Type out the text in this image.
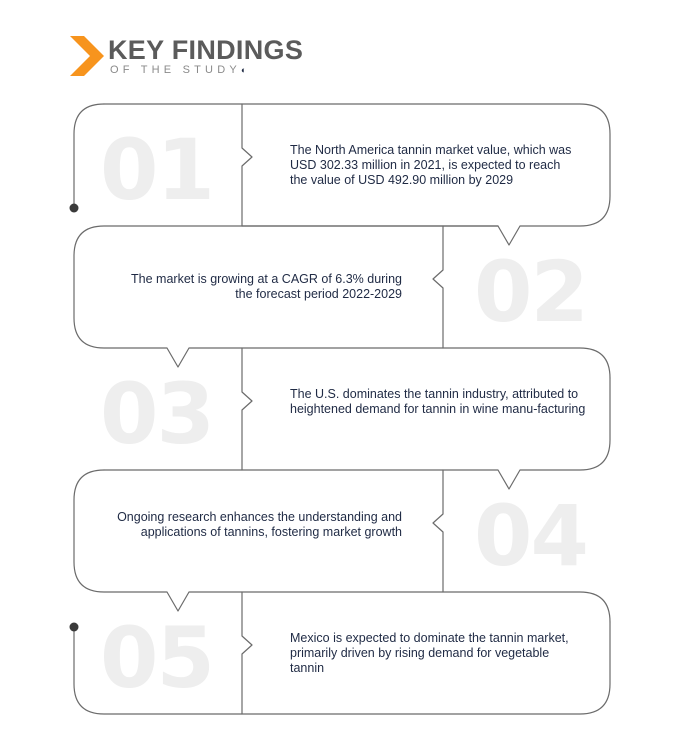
KEY FINDINGS
OF THE STUDY◐
01
02
03
04
05
The North America tannin market value, which was USD 302.33 million in 2021, is expected to reach the value of USD 492.90 million by 2029
The market is growing at a CAGR of 6.3% during the forecast period 2022-2029
The U.S. dominates the tannin industry, attributed to heightened demand for tannin in wine manu-facturing
Ongoing research enhances the understanding and applications of tannins, fostering market growth
Mexico is expected to dominate the tannin market, primarily driven by rising demand for vegetable tannin
